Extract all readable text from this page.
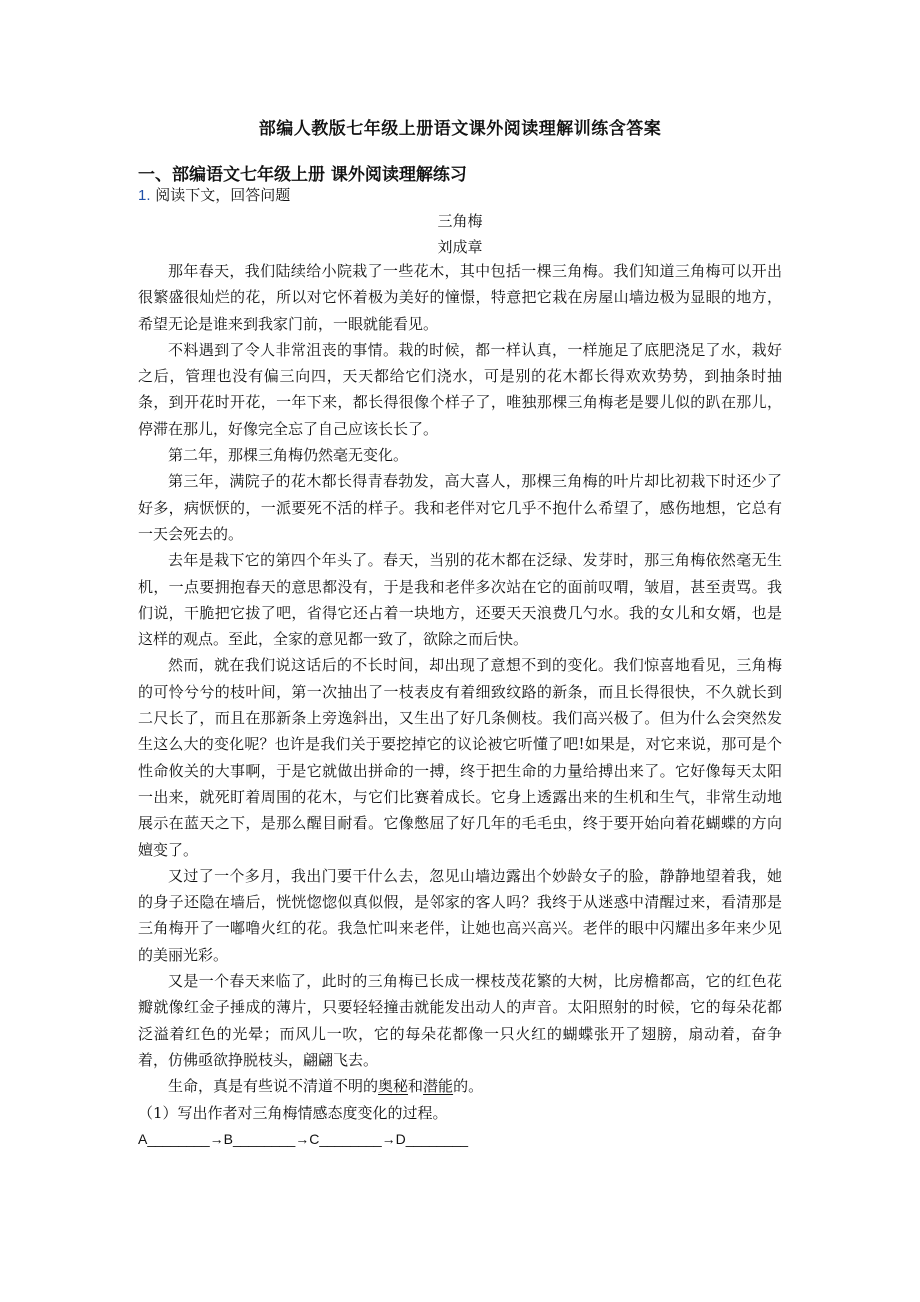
部编人教版七年级上册语文课外阅读理解训练含答案
一、部编语文七年级上册 课外阅读理解练习
1. 阅读下文，回答问题
三角梅
刘成章

那年春天，我们陆续给小院栽了一些花木，其中包括一棵三角梅。我们知道三角梅可以开出很繁盛很灿烂的花，所以对它怀着极为美好的憧憬，特意把它栽在房屋山墙边极为显眼的地方，希望无论是谁来到我家门前，一眼就能看见。

不料遇到了令人非常沮丧的事情。栽的时候，都一样认真，一样施足了底肥浇足了水，栽好之后，管理也没有偏三向四，天天都给它们浇水，可是别的花木都长得欢欢势势，到抽条时抽条，到开花时开花，一年下来，都长得很像个样子了，唯独那棵三角梅老是婴儿似的趴在那儿，停滞在那儿，好像完全忘了自己应该长长了。

第二年，那棵三角梅仍然毫无变化。

第三年，满院子的花木都长得青春勃发，高大喜人，那棵三角梅的叶片却比初栽下时还少了好多，病恹恹的，一派要死不活的样子。我和老伴对它几乎不抱什么希望了，感伤地想，它总有一天会死去的。

去年是栽下它的第四个年头了。春天，当别的花木都在泛绿、发芽时，那三角梅依然毫无生机，一点要拥抱春天的意思都没有，于是我和老伴多次站在它的面前叹喟，皱眉，甚至责骂。我们说，干脆把它拔了吧，省得它还占着一块地方，还要天天浪费几勺水。我的女儿和女婿，也是这样的观点。至此，全家的意见都一致了，欲除之而后快。

然而，就在我们说这话后的不长时间，却出现了意想不到的变化。我们惊喜地看见，三角梅的可怜兮兮的枝叶间，第一次抽出了一枝表皮有着细致纹路的新条，而且长得很快，不久就长到二尺长了，而且在那新条上旁逸斜出，又生出了好几条侧枝。我们高兴极了。但为什么会突然发生这么大的变化呢？也许是我们关于要挖掉它的议论被它听懂了吧!如果是，对它来说，那可是个性命攸关的大事啊，于是它就做出拼命的一搏，终于把生命的力量给搏出来了。它好像每天太阳一出来，就死盯着周围的花木，与它们比赛着成长。它身上透露出来的生机和生气，非常生动地展示在蓝天之下，是那么醒目耐看。它像憋屈了好几年的毛毛虫，终于要开始向着花蝴蝶的方向嬗变了。

又过了一个多月，我出门要干什么去，忽见山墙边露出个妙龄女子的脸，静静地望着我，她的身子还隐在墙后，恍恍惚惚似真似假，是邻家的客人吗？我终于从迷惑中清醒过来，看清那是三角梅开了一嘟噜火红的花。我急忙叫来老伴，让她也高兴高兴。老伴的眼中闪耀出多年来少见的美丽光彩。

又是一个春天来临了，此时的三角梅已长成一棵枝茂花繁的大树，比房檐都高，它的红色花瓣就像红金子捶成的薄片，只要轻轻撞击就能发出动人的声音。太阳照射的时候，它的每朵花都泛溢着红色的光晕；而风儿一吹，它的每朵花都像一只火红的蝴蝶张开了翅膀，扇动着，奋争着，仿佛亟欲挣脱枝头，翩翩飞去。

生命，真是有些说不清道不明的奥秘和潜能的。

（1）写出作者对三角梅情感态度变化的过程。

A________→B________→C________→D________
